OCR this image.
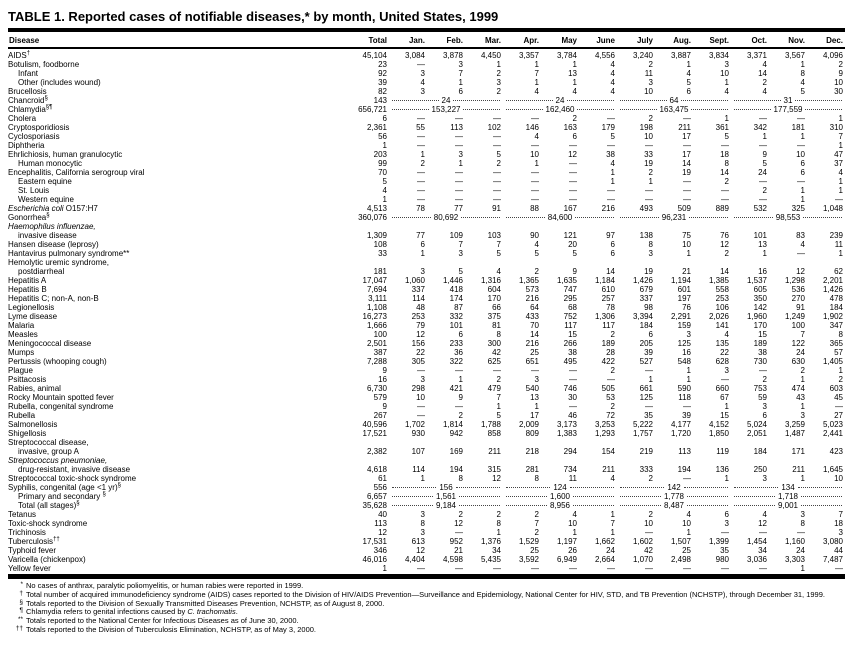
TABLE 1. Reported cases of notifiable diseases,* by month, United States, 1999
Disease	Total	Jan.	Feb.	Mar.	Apr.	May	June	July	Aug.	Sept.	Oct.	Nov.	Dec.

AIDS†	45,104	3,084	3,878	4,450	3,357	3,784	4,556	3,240	3,887	3,834	3,371	3,567	4,096

Botulism, foodborne	23	—	3	1	1	1	4	2	1	3	4	1	2

Infant	92	3	7	2	7	13	4	11	4	10	14	8	9

Other (includes wound)	39	4	1	3	1	1	4	3	5	1	2	4	10

Brucellosis	82	3	6	2	4	4	4	10	6	4	4	5	30

Chancroid§	143	24			24			64			31		

Chlamydia§¶	656,721	153,227			162,460			163,475			177,559		

Cholera	6	—	—	—	—	2	—	2	—	1	—	—	1

Cryptosporidiosis	2,361	55	113	102	146	163	179	198	211	361	342	181	310

Cyclosporiasis	56	—	—	—	4	6	5	10	17	5	1	1	7

Diphtheria	1	—	—	—	—	—	—	—	—	—	—	—	1

Ehrlichiosis, human granulocytic	203	1	3	5	10	12	38	33	17	18	9	10	47

Human monocytic	99	2	1	2	1	—	4	19	14	8	5	6	37

Encephalitis, California serogroup viral	70	—	—	—	—	—	1	2	19	14	24	6	4

Eastern equine	5	—	—	—	—	—	1	1	—	2	—	—	1

St. Louis	4	—	—	—	—	—	—	—	—	—	2	1	1

Western equine	1	—	—	—	—	—	—	—	—	—	—	1	—

Escherichia coli O157:H7	4,513	78	77	91	88	167	216	493	509	889	532	325	1,048

Gonorrhea§	360,076	80,692			84,600			96,231			98,553		

Haemophilus influenzae,
invasive disease	1,309	77	109	103	90	121	97	138	75	76	101	83	239

Hansen disease (leprosy)	108	6	7	7	4	20	6	8	10	12	13	4	11

Hantavirus pulmonary syndrome**	33	1	3	5	5	5	6	3	1	2	1	—	1

Hemolytic uremic syndrome,
postdiarrheal	181	3	5	4	2	9	14	19	21	14	16	12	62

Hepatitis A	17,047	1,060	1,446	1,316	1,365	1,635	1,184	1,426	1,194	1,385	1,537	1,298	2,201

Hepatitis B	7,694	337	418	604	573	747	610	679	601	558	605	536	1,426

Hepatitis C; non-A, non-B	3,111	114	174	170	216	295	257	337	197	253	350	270	478

Legionellosis	1,108	48	87	66	64	68	78	98	76	106	142	91	184

Lyme disease	16,273	253	332	375	433	752	1,306	3,394	2,291	2,026	1,960	1,249	1,902

Malaria	1,666	79	101	81	70	117	117	184	159	141	170	100	347

Measles	100	12	6	8	14	15	2	6	3	4	15	7	8

Meningococcal disease	2,501	156	233	300	216	266	189	205	125	135	189	122	365

Mumps	387	22	36	42	25	38	28	39	16	22	38	24	57

Pertussis (whooping cough)	7,288	305	322	625	651	495	422	527	548	628	730	630	1,405

Plague	9	—	—	—	—	—	2	—	1	3	—	2	1

Psittacosis	16	3	1	2	3	—	—	1	1	—	2	1	2

Rabies, animal	6,730	298	421	479	540	746	505	661	590	660	753	474	603

Rocky Mountain spotted fever	579	10	9	7	13	30	53	125	118	67	59	43	45

Rubella, congenital syndrome	9	—	—	1	1	—	2	—	—	1	3	1	—

Rubella	267	—	2	5	17	46	72	35	39	15	6	3	27

Salmonellosis	40,596	1,702	1,814	1,788	2,009	3,173	3,253	5,222	4,177	4,152	5,024	3,259	5,023

Shigellosis	17,521	930	942	858	809	1,383	1,293	1,757	1,720	1,850	2,051	1,487	2,441

Streptococcal disease,
invasive, group A	2,382	107	169	211	218	294	154	219	113	119	184	171	423

Streptococcus pneumoniae,
drug-resistant, invasive disease	4,618	114	194	315	281	734	211	333	194	136	250	211	1,645

Streptococcal toxic-shock syndrome	61	1	8	12	8	11	4	2	—	1	3	1	10

Syphilis, congenital (age <1 yr)§	556	156			124			142			134		

Primary and secondary §	6,657	1,561			1,600			1,778			1,718		

Total (all stages)§	35,628	9,184			8,956			8,487			9,001		

Tetanus	40	3	2	2	2	4	1	2	4	6	4	3	7

Toxic-shock syndrome	113	8	12	8	7	10	7	10	10	3	12	8	18

Trichinosis	12	3	—	1	2	1	1	—	1	—	—	—	3

Tuberculosis††	17,531	613	952	1,376	1,529	1,197	1,662	1,602	1,507	1,399	1,454	1,160	3,080

Typhoid fever	346	12	21	34	25	26	24	42	25	35	34	24	44

Varicella (chickenpox)	46,016	4,404	4,598	5,435	3,592	6,949	2,664	1,070	2,498	980	3,036	3,303	7,487

Yellow fever	1	—	—	—	—	—	—	—	—	—	—	1	—
* No cases of anthrax, paralytic poliomyelitis, or human rabies were reported in 1999.
† Total number of acquired immunodeficiency syndrome (AIDS) cases reported to the Division of HIV/AIDS Prevention—Surveillance and Epidemiology, National Center for HIV, STD, and TB Prevention (NCHSTP), through December 31, 1999.
§ Totals reported to the Division of Sexually Transmitted Diseases Prevention, NCHSTP, as of August 8, 2000.
¶ Chlamydia refers to genital infections caused by C. trachomatis.
** Totals reported to the National Center for Infectious Diseases as of June 30, 2000.
†† Totals reported to the Division of Tuberculosis Elimination, NCHSTP, as of May 3, 2000.
